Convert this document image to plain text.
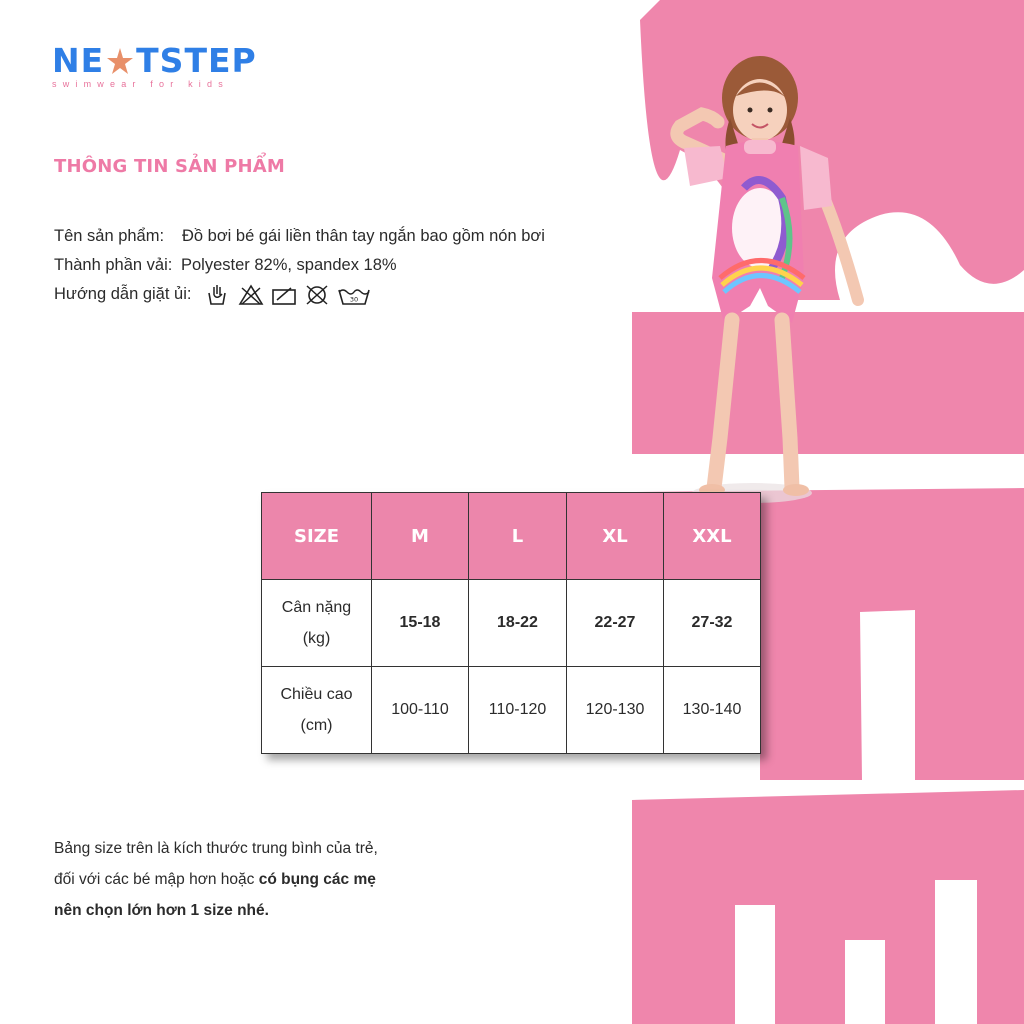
NE TSTEP
swimwear for kids
THÔNG TIN SẢN PHẨM
Tên sản phẩm:	Đồ bơi bé gái liền thân tay ngắn bao gồm nón bơi
Thành phần vải: Polyester 82%, spandex 18%
Hướng dẫn giặt ủi:	30
SIZE	M	L	XL	XXL

Cân nặng
(kg)	15-18	18-22	22-27	27-32

Chiều cao
(cm)	100-110	110-120	120-130	130-140
Bảng size trên là kích thước trung bình của trẻ,
đối với các bé mập hơn hoặc có bụng các mẹ
nên chọn lớn hơn 1 size nhé.
